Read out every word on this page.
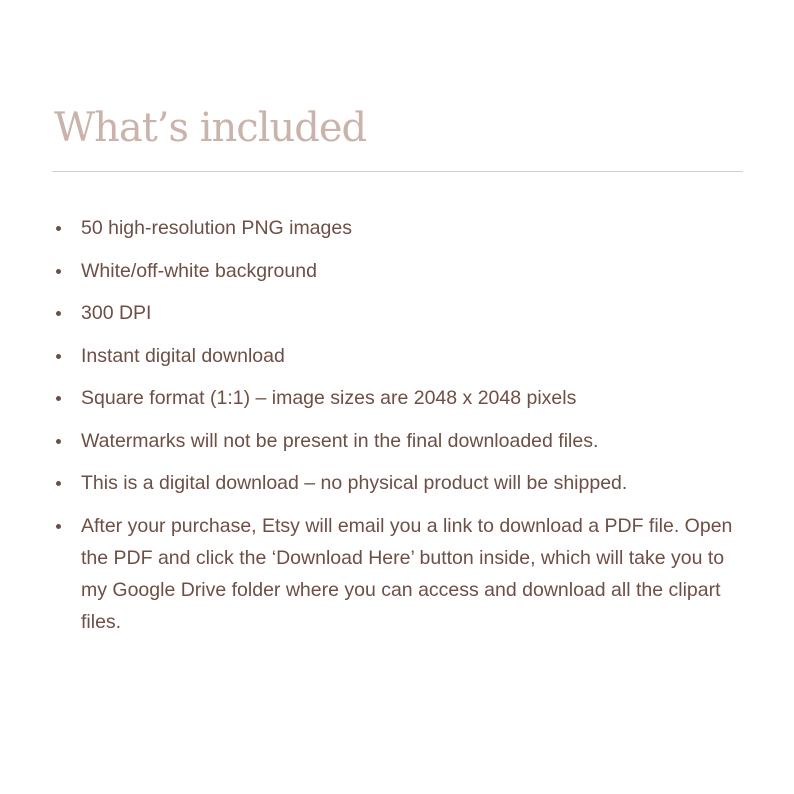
What’s included
50 high-resolution PNG images
White/off-white background
300 DPI
Instant digital download
Square format (1:1) – image sizes are 2048 x 2048 pixels
Watermarks will not be present in the final downloaded files.
This is a digital download – no physical product will be shipped.
After your purchase, Etsy will email you a link to download a PDF file. Open the PDF and click the ‘Download Here’ button inside, which will take you to my Google Drive folder where you can access and download all the clipart files.
